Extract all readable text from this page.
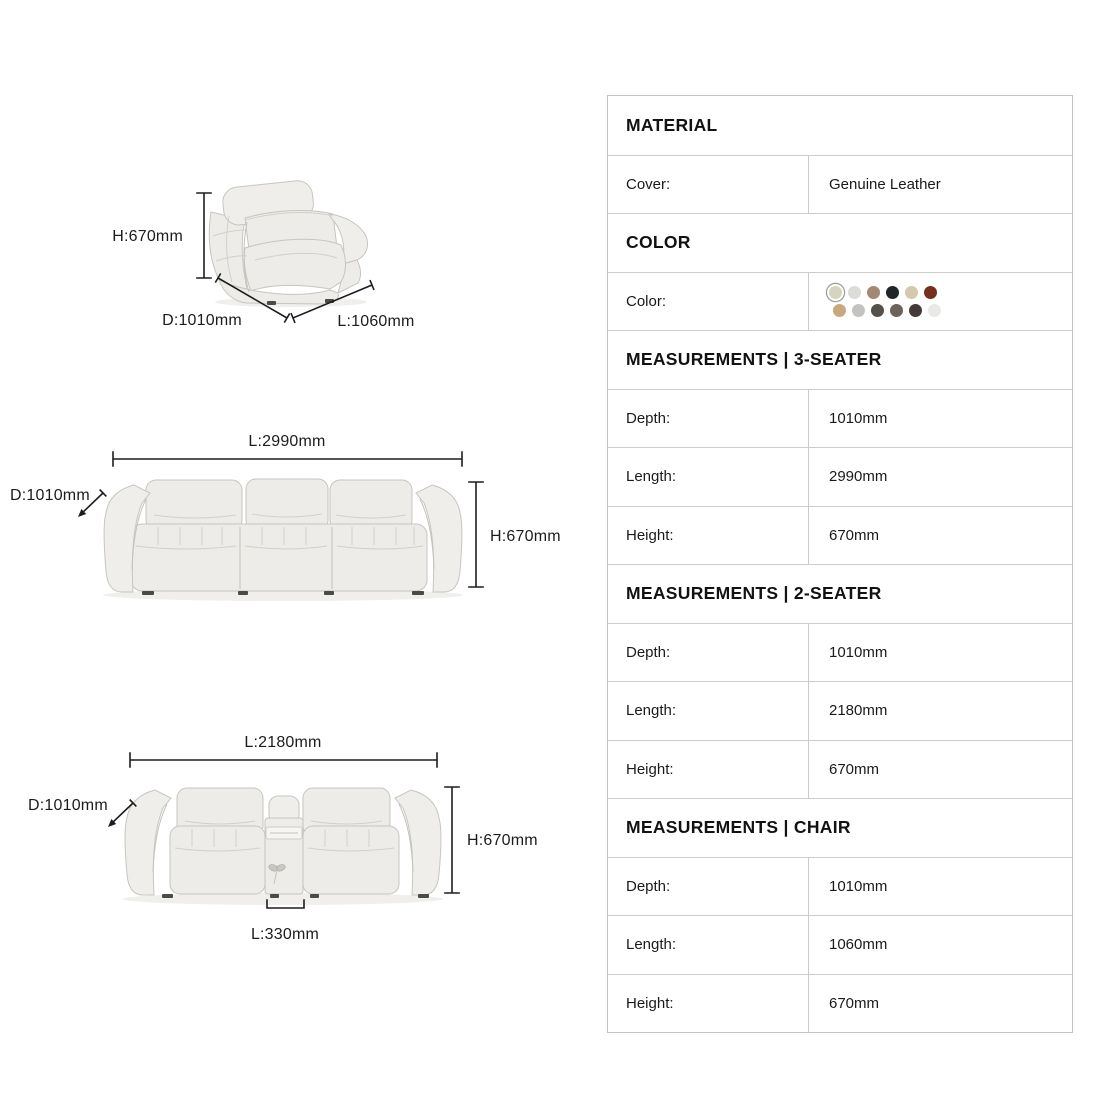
H:670mm
D:1010mm	L:1060mm
L:2990mm
D:1010mm
H:670mm
L:2180mm
D:1010mm
H:670mm
L:330mm
MATERIAL
Cover:	Genuine Leather
COLOR
Color:
MEASUREMENTS | 3-SEATER
Depth:	1010mm
Length:	2990mm
Height:	670mm
MEASUREMENTS | 2-SEATER
Depth:	1010mm
Length:	2180mm
Height:	670mm
MEASUREMENTS | CHAIR
Depth:	1010mm
Length:	1060mm
Height:	670mm
